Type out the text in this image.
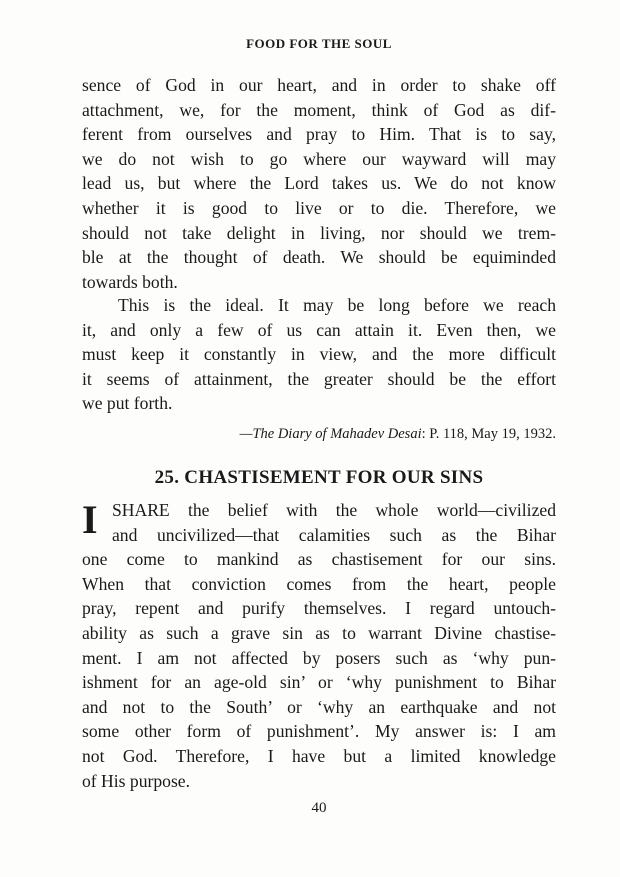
FOOD FOR THE SOUL
sence of God in our heart, and in order to shake off
attachment, we, for the moment, think of God as dif-
ferent from ourselves and pray to Him. That is to say,
we do not wish to go where our wayward will may
lead us, but where the Lord takes us. We do not know
whether it is good to live or to die. Therefore, we
should not take delight in living, nor should we trem-
ble at the thought of death. We should be equiminded
towards both.
This is the ideal. It may be long before we reach
it, and only a few of us can attain it. Even then, we
must keep it constantly in view, and the more difficult
it seems of attainment, the greater should be the effort
we put forth.
—The Diary of Mahadev Desai: P. 118, May 19, 1932.
25. CHASTISEMENT FOR OUR SINS
I SHARE the belief with the whole world—civilized
and uncivilized—that calamities such as the Bihar
one come to mankind as chastisement for our sins.
When that conviction comes from the heart, people
pray, repent and purify themselves. I regard untouch-
ability as such a grave sin as to warrant Divine chastise-
ment. I am not affected by posers such as ‘why pun-
ishment for an age-old sin’ or ‘why punishment to Bihar
and not to the South’ or ‘why an earthquake and not
some other form of punishment’. My answer is: I am
not God. Therefore, I have but a limited knowledge
of His purpose.
40
